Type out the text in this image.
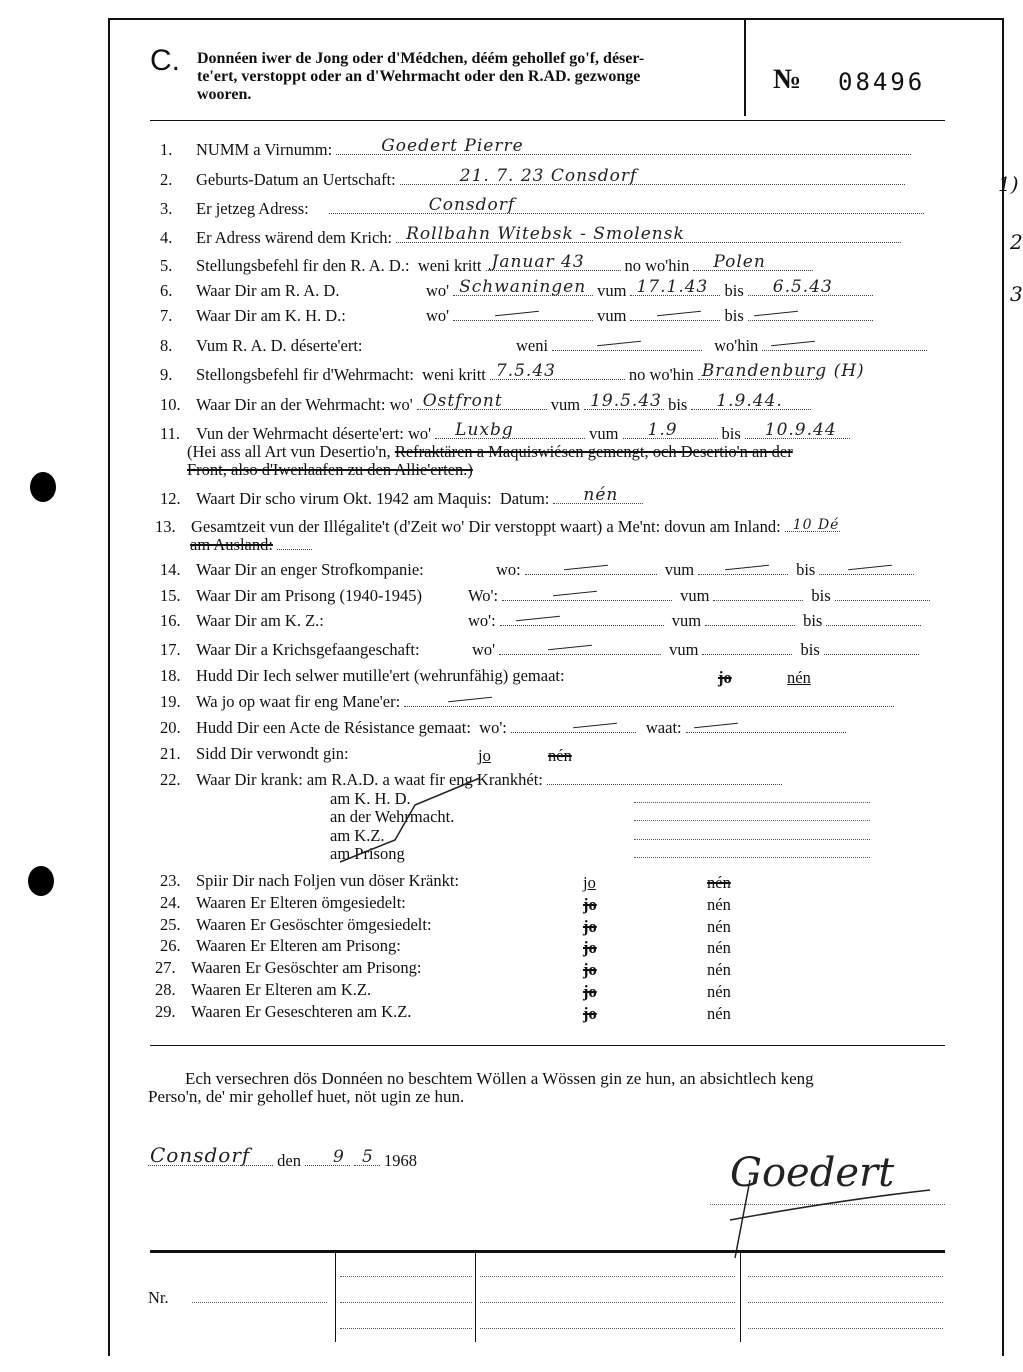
C. Donnéen iwer de Jong oder d'Médchen, déém gehollef go'f, déser-
te'ert, verstoppt oder an d'Wehrmacht oder den R.AD. gezwonge
wooren.	№ 08496
1.	NUMM a Virnumm:	Goedert Pierre
2.	Geburts-Datum an Uertschaft:	21. 7. 23 Consdorf
3.	Er jetzeg Adress:	Consdorf
4.	Er Adress wärend dem Krich: Rollbahn Witebsk - Smolensk
5.	Stellungsbefehl fir den R. A. D.:
weni kritt Januar 43 no wo'hin Polen
6.	Waar Dir am R. A. D.	wo' Schwaningen vum 17.1.43 bis 6.5.43
7.	Waar Dir am K. H. D.:	wo'	vum	bis
8.	Vum R. A. D. déserte'ert:	weni	wo'hin
9.	Stellongsbefehl fir d'Wehrmacht:
weni kritt 7.5.43	no wo'hin Brandenburg (H)
10. Waar Dir an der Wehrmacht:
wo' Ostfront	vum 19.5.43 bis 1.9.44.
11. Vun der Wehrmacht déserte'ert:
wo' Luxbg	vum 1.9	bis 10.9.44
(Hei ass all Art vun Desertio'n, Refraktären a Maquiswiésen gemengt, och Desertio'n an der
Front, also d'Iwerlaafen zu den Allie'erten.)
12. Waart Dir scho virum Okt. 1942 am Maquis:
Datum: nén
13. Gesamtzeit vun der Illégalite't (d'Zeit wo' Dir verstoppt waart) a Me'nt: dovun am Inland: 10 Dé
am Ausland:
14. Waar Dir an enger Strofkompanie:	wo:	vum	bis
15. Waar Dir am Prisong (1940-1945)	Wo':	vum	bis
16. Waar Dir am K. Z.:	wo':	vum	bis
17. Waar Dir a Krichsgefaangeschaft:	wo'	vum	bis
18. Hudd Dir Iech selwer mutille'ert (wehrunfähig) gemaat:	jo	nén
19. Wa jo op waat fir eng Mane'er:
20. Hudd Dir een Acte de Résistance gemaat:
wo':	waat:
21. Sidd Dir verwondt gin:	jo	nén
22. Waar Dir krank: am R.A.D. a waat fir eng Krankhét:
am K. H. D.
an der Wehrmacht.
am K.Z.
am Prisong
23. Spiir Dir nach Foljen vun döser Kränkt:	jo	nén
24. Waaren Er Elteren ömgesiedelt:	jo	nén
25. Waaren Er Gesöschter ömgesiedelt:	jo	nén
26. Waaren Er Elteren am Prisong:	jo	nén
27. Waaren Er Gesöschter am Prisong:	jo	nén
28. Waaren Er Elteren am K.Z.	jo	nén
29. Waaren Er Geseschteren am K.Z.	jo	nén
Ech versechren dös Donnéen no beschtem Wöllen a Wössen gin ze hun, an absichtlech keng
Perso'n, de' mir gehollef huet, nöt ugin ze hun.
Consdorf
den 9 5 1968	Goedert
Nr.
1)
2
3
